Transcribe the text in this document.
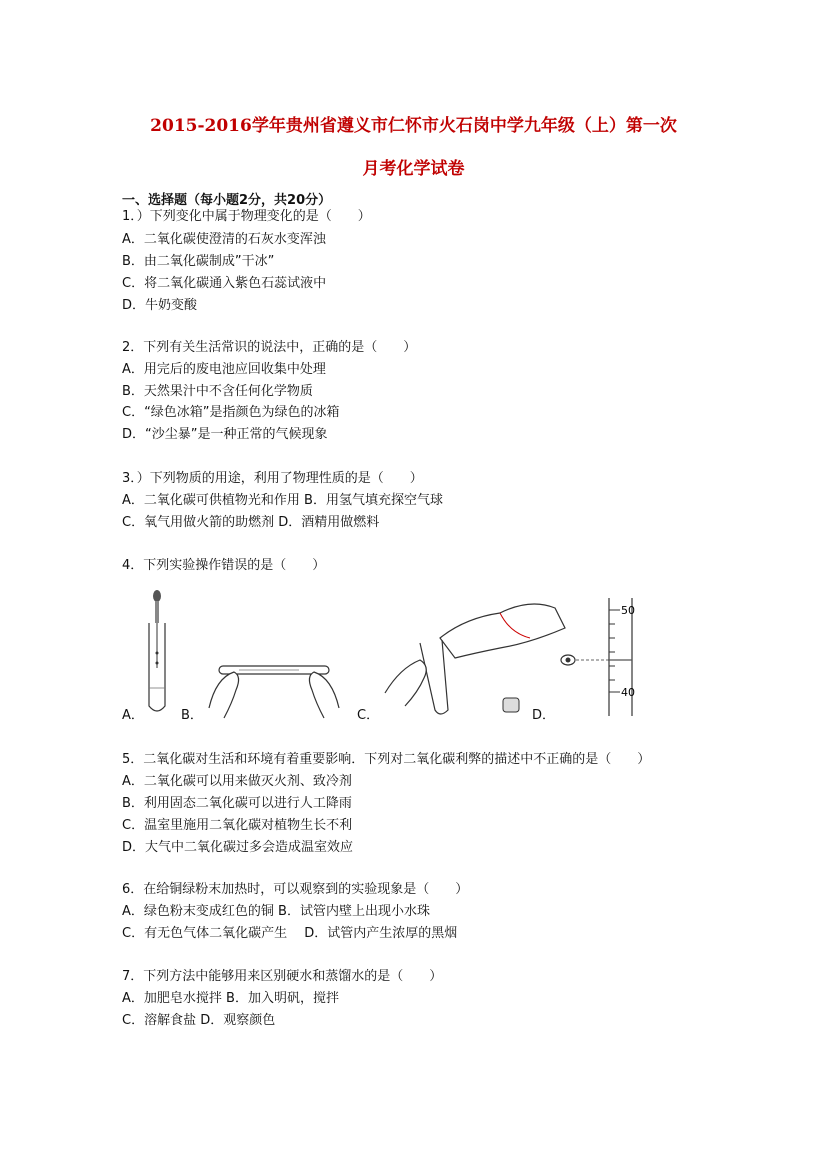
2015-2016学年贵州省遵义市仁怀市火石岗中学九年级（上）第一次
月考化学试卷
一、选择题（每小题2分，共20分）
1．）下列变化中属于物理变化的是（　　）
A．二氧化碳使澄清的石灰水变浑浊
B．由二氧化碳制成”干冰”
C．将二氧化碳通入紫色石蕊试液中
D．牛奶变酸
2．下列有关生活常识的说法中，正确的是（　　）
A．用完后的废电池应回收集中处理
B．天然果汁中不含任何化学物质
C．“绿色冰箱”是指颜色为绿色的冰箱
D．“沙尘暴”是一种正常的气候现象
3．）下列物质的用途，利用了物理性质的是（　　）
A．二氧化碳可供植物光和作用 B．用氢气填充探空气球
C．氧气用做火箭的助燃剂 D．酒精用做燃料
4．下列实验操作错误的是（　　）
A．	B．	C．
50
40
D．
5．二氧化碳对生活和环境有着重要影响．下列对二氧化碳利弊的描述中不正确的是（　　）
A．二氧化碳可以用来做灭火剂、致冷剂
B．利用固态二氧化碳可以进行人工降雨
C．温室里施用二氧化碳对植物生长不利
D．大气中二氧化碳过多会造成温室效应
6．在给铜绿粉末加热时，可以观察到的实验现象是（　　）
A．绿色粉末变成红色的铜 B．试管内壁上出现小水珠
C．有无色气体二氧化碳产生　 D．试管内产生浓厚的黑烟
7．下列方法中能够用来区别硬水和蒸馏水的是（　　）
A．加肥皂水搅拌 B．加入明矾，搅拌
C．溶解食盐 D．观察颜色
